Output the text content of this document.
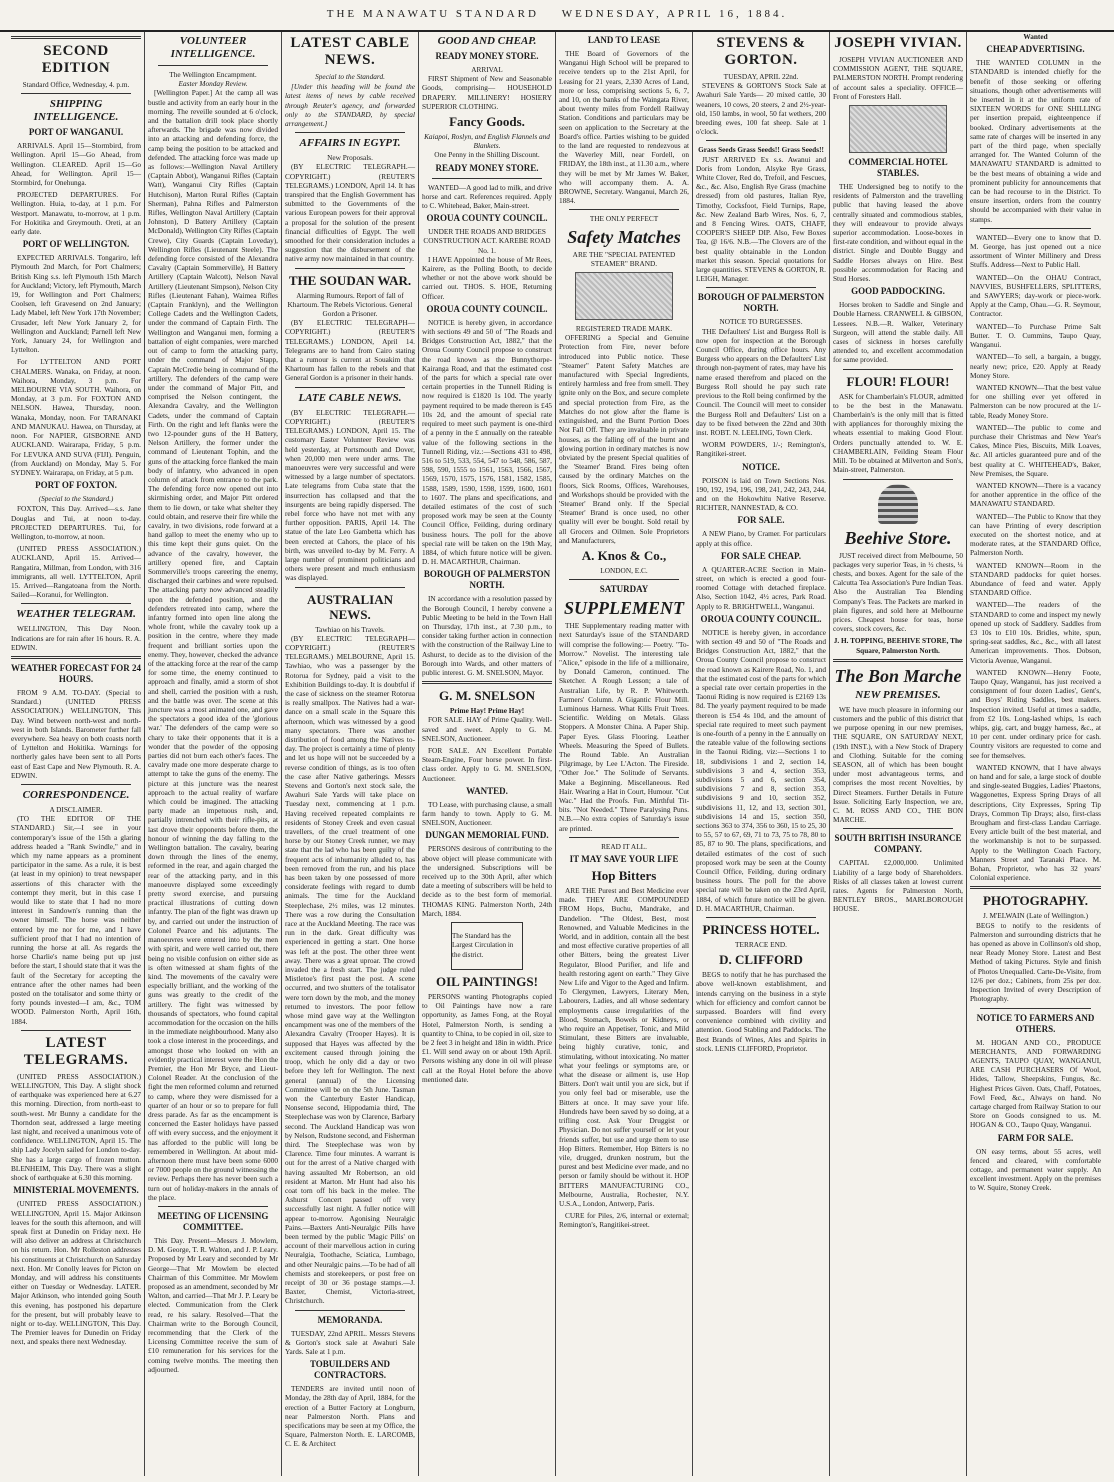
THE MANAWATU STANDARD WEDNESDAY, APRIL 16, 1884.
SECOND EDITION
Standard Office, Wednesday, 4. p.m.
SHIPPING INTELLIGENCE.
PORT OF WANGANUI.

ARRIVALS. April 15—Stormbird, from Wellington. April 15—Go Ahead, from Wellington. CLEARED. April 15—Go Ahead, for Wellington. April 15—Stormbird, for Onehunga.

PROJECTED DEPARTURES. For Wellington. Huia, to-day, at 1 p.m. For Westport. Manawatu, to-morrow, at 1 p.m. For Hokitika and Greymouth. Oreti, at an early date.

PORT OF WELLINGTON.

EXPECTED ARRIVALS. Tongariro, left Plymouth 2nd March, for Port Chalmers; British King s.s. left Plymouth 15th March for Auckland; Victory, left Plymouth, March 19, for Wellington and Port Chalmers; Coolsen, left Gravesend on 2nd January; Lady Mabel, left New York 17th November; Crusader, left New York January 2, for Wellington and Auckland; Parnell left New York, January 24, for Wellington and Lyttelton.

For LYTTELTON AND PORT CHALMERS. Wanaka, on Friday, at noon. Waihora, Monday, 3 p.m. For MELBOURNE VIA SOUTH. Waihora, on Monday, at 3 p.m. For FOXTON AND NELSON. Hawea, Thursday, noon. Wanaka, Monday, noon. For TARANAKI AND MANUKAU. Hawea, on Thursday, at noon. For NAPIER, GISBORNE AND AUCKLAND. Wairarapa, Friday, 5 p.m. For LEVUKA AND SUVA (FIJI). Penguin, (from Auckland) on Monday, May 5. For SYDNEY. Wairarapa, on Friday, at 5 p.m.

PORT OF FOXTON.
(Special to the Standard.)

FOXTON, This Day. Arrived—s.s. Jane Douglas and Tui, at noon to-day. PROJECTED DEPARTURES. Tui, for Wellington, to-morrow, at noon.

(UNITED PRESS ASSOCIATION.) AUCKLAND, April 15. Arrived—Rangatira, Millman, from London, with 316 immigrants, all well. LYTTELTON, April 15. Arrived—Rangatoana from the North. Sailed—Koranui, for Wellington.

WEATHER TELEGRAM.

WELLINGTON, This Day Noon. Indications are for rain after 16 hours. R. A. EDWIN.

WEATHER FORECAST FOR 24 HOURS.

FROM 9 A.M. TO-DAY. (Special to Standard.) (UNITED PRESS ASSOCIATION.) WELLINGTON, This Day. Wind between north-west and north-west in both Islands. Barometer further fall everywhere. Sea heavy on both coasts north of Lyttelton and Hokitika. Warnings for northerly gales have been sent to all Ports east of East Cape and New Plymouth. R. A. EDWIN.

CORRESPONDENCE.
A DISCLAIMER.

(TO THE EDITOR OF THE STANDARD.) Sir,—I see in your contemporary's issue of the 15th a glaring address headed a "Rank Swindle," and in which my name appears as a prominent participator in the same. As a rule, it is best (at least in my opinion) to treat newspaper assertions of this character with the contempt they merit, but in this case I would like to state that I had no more interest in Sandown's running than the owner himself. The horse was neither entered by me nor for me, and I have sufficient proof that I had no intention of running the horse at all. As regards the horse Charlie's name being put up just before the start, I should state that it was the fault of the Secretary for accepting the entrance after the other names had been posted on the totalisator and some thirty or forty pounds invested—I am, &c., TOM WOOD. Palmerston North, April 16th, 1884.

LATEST TELEGRAMS.

(UNITED PRESS ASSOCIATION.) WELLINGTON, This Day. A slight shock of earthquake was experienced here at 6.27 this morning. Direction, from north-east to south-west. Mr Bunny a candidate for the Thorndon seat, addressed a large meeting last night, and received a unanimous vote of confidence. WELLINGTON, April 15. The ship Lady Jocelyn sailed for London to-day. She has a large cargo of frozen mutton. BLENHEIM, This Day. There was a slight shock of earthquake at 6.30 this morning.

MINISTERIAL MOVEMENTS.

(UNITED PRESS ASSOCIATION.) WELLINGTON, April 15. Major Atkinson leaves for the south this afternoon, and will speak first at Dunedin on Friday next. He will also deliver an address at Christchurch on his return. Hon. Mr Rolleston addresses his constituents at Christchurch on Saturday next. Hon. Mr Conolly leaves for Picton on Monday, and will address his constituents either on Tuesday or Wednesday. LATER. Major Atkinson, who intended going South this evening, has postponed his departure for the present, but will probably leave to night or to-day. WELLINGTON, This Day. The Premier leaves for Dunedin on Friday next, and speaks there next Wednesday.

VOLUNTEER INTELLIGENCE.
The Wellington Encampment.
Easter Monday Review.

[Wellington Paper.] At the camp all was bustle and activity from an early hour in the morning. The reveille sounded at 6 o'clock, and the battalion drill took place shortly afterwards. The brigade was now divided into an attacking and defending force, the camp being the position to be attacked and defended. The attacking force was made up as follows:—Wellington Naval Artillery (Captain Abbot), Wanganui Rifles (Captain Watt), Wanganui City Rifles (Captain Hutchison), Marton Rural Rifles (Captain Sherman), Pahna Rifles and Palmerston Rifles, Wellington Naval Artillery (Captain Johnston), D Battery Artillery (Captain McDonald), Wellington City Rifles (Captain Crewe), City Guards (Captain Loveday), Wellington Rifles (Lieutenant Steele). The defending force consisted of the Alexandra Cavalry (Captain Sommerville), H Battery Artillery (Captain Walcott), Nelson Naval Artillery (Lieutenant Simpson), Nelson City Rifles (Lieutenant Fahan), Waimea Rifles (Captain Franklyn), and the Wellington College Cadets and the Wellington Cadets, under the command of Captain Firth. The Wellington and Wanganui men, forming a battalion of eight companies, were marched out of camp to form the attacking party, under the command of Major Stapp, Captain McCredie being in command of the artillery. The defenders of the camp were under the command of Major Pitt, and comprised the Nelson contingent, the Alexandra Cavalry, and the Wellington Cadets, under the command of Captain Firth. On the right and left flanks were the two 12-pounder guns of the H Battery, Nelson Artillery, the former under the command of Lieutenant Tophin, and the guns of the attacking force flanked the main body of infantry, who advanced in open column of attack from entrance to the park. The defending force now opened out into skirmishing order, and Major Pitt ordered them to lie down, or take what shelter they could obtain, and reserve their fire while the cavalry, in two divisions, rode forward at a hand gallop to meet the enemy who up to this time kept their guns quiet. On the advance of the cavalry, however, the artillery opened fire, and Captain Sommerville's troops careering the enemy, discharged their carbines and were repulsed. The attacking party now advanced steadily upon the defended position, and the defenders retreated into camp, where the infantry formed into open line along the whole front, while the cavalry took up a position in the centre, where they made frequent and brilliant sorties upon the enemy. They, however, checked the advance of the attacking force at the rear of the camp for some time, the enemy continued to approach and finally, amid a storm of shot and shell, carried the position with a rush, and the battle was over. The scene at this juncture was a most animated one, and gave the spectators a good idea of the 'glorious war.' The defenders of the camp were so chary to take their opponents that it is a wonder that the powder of the opposing parties did not burn each other's faces. The cavalry made one more desperate charge to attempt to take the guns of the enemy. The picture at this juncture was the nearest approach to the actual reality of warfare which could be imagined. The attacking party made an impetuous rush, and, partially intrenched with their rifle-pits, at last drove their opponents before them, the honour of winning the day falling to the Wellington battalion. The cavalry, bearing down through the lines of the enemy, reformed in the rear, and again charged the rear of the attacking party, and in this manoeuvre displayed some exceedingly pretty sword exercise, and pursuing practical illustrations of cutting down infantry. The plan of the fight was drawn up by, and carried out under the instruction of Colonel Pearce and his adjutants. The manoeuvres were entered into by the men with spirit, and were well carried out, there being no visible confusion on either side as is often witnessed at sham fights of the kind. The movements of the cavalry were especially brilliant, and the working of the guns was greatly to the credit of the artillery. The fight was witnessed by thousands of spectators, who found capital accommodation for the occasion on the hills in the immediate neighbourhood. Many also took a close interest in the proceedings, and amongst those who looked on with an evidently practical interest were the Hon the Premier, the Hon Mr Bryce, and Lieut-Colonel Reader. At the conclusion of the fight the men reformed column and returned to camp, where they were dismissed for a quarter of an hour or so to prepare for full dress parade. As far as the encampment is concerned the Easter holidays have passed off with every success, and the enjoyment it has afforded to the public will long be remembered in Wellington. At about mid-afternoon there must have been some 6000 or 7000 people on the ground witnessing the review. Perhaps there has never been such a turn out of holiday-makers in the annals of the place.

MEETING OF LICENSING COMMITTEE.

This Day. Present—Messrs J. Mowlem, D. M. George, T. R. Walton, and J. P. Leary. Proposed by Mr Leary and seconded by Mr George—That Mr Mowlem be elected Chairman of this Committee. Mr Mowlem proposed as an amendment, seconded by Mr Walton, and carried—That Mr J. P. Leary be elected. Communication from the Clerk read, re his salary. Resolved—That the Chairman write to the Borough Council, recommending that the Clerk of the Licensing Committee receive the sum of £10 remuneration for his services for the coming twelve months. The meeting then adjourned.

LATEST CABLE NEWS.
Special to the Standard.

[Under this heading will be found the latest items of news by cable received through Reuter's agency, and forwarded only to the STANDARD, by special arrangement.]

AFFAIRS IN EGYPT.
New Proposals.

(BY ELECTRIC TELEGRAPH.—COPYRIGHT.) (REUTER'S TELEGRAMS.) LONDON, April 14. It has transpired that the English Government has submitted to the Governments of the various European powers for their approval a proposal for the solution of the present financial difficulties of Egypt. The well smoothed for their consideration includes a suggestion that the disbursement of the native army now maintained in that country.

THE SOUDAN WAR.
Alarming Rumours. Report of fall of Khartoum. The Rebels Victorious. General Gordon a Prisoner.

(BY ELECTRIC TELEGRAPH—COPYRIGHT.) (REUTER'S TELEGRAMS.) LONDON, April 14. Telegrams are to hand from Cairo stating that a rumour is current at Souakim that Khartoum has fallen to the rebels and that General Gordon is a prisoner in their hands.

LATE CABLE NEWS.

(BY ELECTRIC TELEGRAPH.—COPYRIGHT.) (REUTER'S TELEGRAMS.) LONDON, April 15. The customary Easter Volunteer Review was held yesterday, at Portsmouth and Dover, when 20,000 men were under arms. The manoeuvres were very successful and were witnessed by a large number of spectators. Late telegrams from Cuba state that the insurrection has collapsed and that the insurgents are being rapidly dispersed. The rebel force who have not met with any further opposition. PARIS, April 14. The statue of the late Leo Gambetta which has been erected at Cahors, the place of his birth, was unveiled to-day by M. Ferry. A large number of prominent politicians and others were present and much enthusiasm was displayed.

AUSTRALIAN NEWS.
Tawhiao on his Travels.

(BY ELECTRIC TELEGRAPH—COPYRIGHT.) (REUTER'S TELEGRAMS.) MELBOURNE, April 15. Tawhiao, who was a passenger by the Rotorua for Sydney, paid a visit to the Exhibition Buildings to-day. It is doubtful if the case of sickness on the steamer Rotorua is really smallpox. The Natives had a war-dance on a small scale in the Square this afternoon, which was witnessed by a good many spectators. There was another distribution of food among the Natives to-day. The project is certainly a time of plenty and let us hope will not be succeeded by a reverse condition of things, as is too often the case after Native gatherings. Messrs Stevens and Gorton's next stock sale, the Awahuri Sale Yards will take place on Tuesday next, commencing at 1 p.m. Having received repeated complaints re residents of Stoney Creek and even casual travellers, of the cruel treatment of one horse by our Stoney Creek runner, we may state that the lad who has been guilty of the frequent acts of inhumanity alluded to, has been removed from the run, and his place has been taken by one possessed of more considerate feelings with regard to dumb animals. The time for the Auckland Steeplechase, 2½ miles, was 12 minutes. There was a row during the Consultation race at the Auckland Meeting. The race was run in the dark. Great difficulty was experienced in getting a start. One horse was left at the post. The other three went away. There was a great uproar. The crowd invaded the a fresh start. The judge ruled Mistletoe's first past the post. A scene occurred, and two shutters of the totalisator were torn down by the mob, and the money returned to investors. The poor fellow whose mind gave way at the Wellington encampment was one of the members of the Alexandra Cavalry (Trooper Hayes). It is supposed that Hayes was affected by the excitement caused through joining the troop, which he only did a day or two before they left for Wellington. The next general (annual) of the Licensing Committee will be on the 5th June. Tasman won the Canterbury Easter Handicap, Nonsense second, Hippodamia third, The Steeplechase was won by Clarence, Barbary second. The Auckland Handicap was won by Nelson, Rudstone second, and Fisherman third. The Steeplechase was won by Clarence. Time four minutes. A warrant is out for the arrest of a Native charged with having assaulted Mr Robertson, an old resident at Marton. Mr Hunt had also his coat torn off his back in the melee. The Ashurst Concert passed off very successfully last night. A fuller notice will appear to-morrow. Agonising Neuralgic Pains.—Baxters Anti-Neuralgic Pills have been termed by the public 'Magic Pills' on account of their marvellous action in curing Neuralgia, Toothache, Sciatica, Lumbago, and other Neuralgic pains.—To be had of all chemists and storekeepers, or post free on receipt of 30 or 36 postage stamps.—J. Baxter, Chemist, Victoria-street, Christchurch.

MEMORANDA.

TUESDAY, 22nd APRIL. Messrs Stevens & Gorton's stock sale at Awahuri Sale Yards. Sale at 1 p.m.

TOBUILDERS AND CONTRACTORS.

TENDERS are invited until noon of Monday, the 28th day of April, 1884, for the erection of a Butter Factory at Longburn, near Palmerston North. Plans and specifications may be seen at my Office, the Square, Palmerston North. E. LARCOMB, C. E. & Architect

GOOD AND CHEAP.
READY MONEY STORE.
ARRIVAL

FIRST Shipment of New and Seasonable Goods, comprising— HOUSEHOLD DRAPERY. MILLINERY! HOSIERY SUPERIOR CLOTHING.

Fancy Goods.
Kaiapoi, Roslyn, and English Flannels and Blankets.
One Penny in the Shilling Discount.
READY MONEY STORE.

WANTED—A good lad to milk, and drive horse and cart. References required. Apply to C. Whitehead, Baker, Main-street.

OROUA COUNTY COUNCIL.
UNDER THE ROADS AND BRIDGES CONSTRUCTION ACT. KAREBE ROAD No. 1.

I HAVE Appointed the house of Mr Rees, Kairere, as the Polling Booth, to decide whether or not the above work should be carried out. THOS. S. HOE, Returning Officer.

OROUA COUNTY COUNCIL.

NOTICE is hereby given, in accordance with sections 49 and 50 of "The Roads and Bridges Construction Act, 1882," that the Oroua County Council propose to construct the road known as the Bunnythorpe-Kairanga Road, and that the estimated cost of the parts for which a special rate over certain properties in the Tunnell Riding is now required is £1820 1s 10d. The yearly payment required to be made thereon is £45 10s 2d, and the amount of special rate required to meet such payment is one-third of a penny in the £ annually on the rateable value of the following sections in the Tunnell Riding, viz.:—Sections 431 to 498, 516 to 519, 533, 554, 547 to 548, 586, 587, 598, 590, 1555 to 1561, 1563, 1566, 1567, 1569, 1570, 1575, 1576, 1581, 1582, 1585, 1588, 1589, 1590, 1598, 1599, 1600, 1601 to 1607. The plans and specifications, and detailed estimates of the cost of such proposed work may be seen at the County Council Office, Feilding, during ordinary business hours. The poll for the above special rate will be taken on the 19th May, 1884, of which future notice will be given. D. H. MACARTHUR, Chairman.

BOROUGH OF PALMERSTON NORTH.

IN accordance with a resolution passed by the Borough Council, I hereby convene a Public Meeting to be held in the Town Hall on Thursday, 17th inst., at 7.30 p.m., to consider taking further action in connection with the construction of the Railway Line to Ashurst, to decide as to the division of the Borough into Wards, and other matters of public interest. G. M. SNELSON, Mayor.

G. M. SNELSON
Prime Hay! Prime Hay!

FOR SALE. HAY of Prime Quality. Well-saved and sweet. Apply to G. M. SNELSON, Auctioneer.

FOR SALE. AN Excellent Portable Steam-Engine, Four horse power. In first-class order. Apply to G. M. SNELSON, Auctioneer.

WANTED.

TO Lease, with purchasing clause, a small farm handy to town. Apply to G. M. SNELSON, Auctioneer.

DUNGAN MEMORIAL FUND.

PERSONS desirous of contributing to the above object will please communicate with the undersigned. Subscriptions will be received up to the 30th April, after which date a meeting of subscribers will be held to decide as to the best form of memorial. THOMAS KING. Palmerston North, 24th March, 1884.

The Standard has the Largest Circulation in the district.
OIL PAINTINGS!

PERSONS wanting Photographs copied to Oil Paintings have now a rare opportunity, as James Fong, at the Royal Hotel, Palmerston North, is sending a quantity to China, to be copied in oil, size to be 2 feet 3 in height and 18in in width. Price £1. Will send away on or about 19th April. Persons wishing any done in oil will please call at the Royal Hotel before the above mentioned date.

LAND TO LEASE

THE Board of Governors of the Wanganui High School will be prepared to receive tenders up to the 21st April, for Leasing for 21 years, 2,330 Acres of Land, more or less, comprising sections 5, 6, 7, and 10, on the banks of the Waingata River, about twenty miles from Fordell Railway Station. Conditions and particulars may be seen on application to the Secretary at the Board's office. Parties wishing to be guided to the land are requested to rendezvous at the Waverley Mill, near Fordell, on FRIDAY, the 18th inst., at 11.30 a.m., where they will be met by Mr James W. Baker, who will accompany them. A. A. BROWNE, Secretary. Wanganui, March 26, 1884.

THE ONLY PERFECT
Safety Matches
ARE THE "SPECIAL PATENTED STEAMER" BRAND.
REGISTERED TRADE MARK.

OFFERING a Special and Genuine Protection from Fire, never before introduced into Public notice. These "Steamer" Patent Safety Matches are manufactured with Special Ingredients, entirely harmless and free from smell. They ignite only on the Box, and secure complete and special protection from Fire, as the Matches do not glow after the flame is extinguished, and the Burnt Portion Does Not Fall Off. They are invaluable in private houses, as the falling off of the burnt and glowing portion in ordinary matches is now obviated by the present Special qualities of the 'Steamer' Brand. Fires being often caused by the ordinary Matches on the floors, Sick Rooms, Offices, Warehouses, and Workshops should be provided with the 'Steamer' Brand only. If the Special 'Steamer' Brand is once used, no other quality will ever be bought. Sold retail by all Grocers and Oilmen. Sole Proprietors and Manufacturers,

A. Knos & Co.,
LONDON, E.C.
SATURDAY
SUPPLEMENT

THE Supplementary reading matter with next Saturday's issue of the STANDARD will comprise the following:— Poetry. "To-Morrow." Novelist. The interesting tale "Alice," episode in the life of a millionaire, by Donald Cameron, continued. The Sketcher. A Rough Lesson; a tale of Australian Life, by R. P. Whitworth. Farmers' Column. A Gigantic Flour Mill. Luminous Harness. What Kills Fruit Trees. Scientific. Welding on Metals. Glass Stoppers. A Monster China. A Paper Ship. Paper Eyes. Glass Flooring. Leather Wheels. Measuring the Speed of Bullets. The Round Table. An Australian Pilgrimage, by Lee L'Acton. The Fireside. "Other Joe." The Solitude of Servants. Make a Beginning. Miscellaneous. Red Hair. Wearing a Hat in Court, Humour. "Cut Wac." Had the Proofs. Fun. Mirthful Tit-bits. "Not Needed." Three Paralysing Puns. N.B.—No extra copies of Saturday's issue are printed.

READ IT ALL.
IT MAY SAVE YOUR LIFE
Hop Bitters

ARE THE Purest and Best Medicine ever made. THEY ARE COMPOUNDED FROM Hops, Buchu, Mandrake, and Dandelion. "The Oldest, Best, most Renowned, and Valuable Medicines in the World, and in addition, contain all the best and most effective curative properties of all other Bitters, being the greatest Liver Regulator, Blood Purifier, and life and health restoring agent on earth." They Give New Life and Vigor to the Aged and Infirm. To Clergymen, Lawyers, Literary Men, Labourers, Ladies, and all whose sedentary employments cause irregularities of the Blood, Stomach, Bowels or Kidneys, or who require an Appetiser, Tonic, and Mild Stimulant, these Bitters are invaluable, being highly curative, tonic, and stimulating, without intoxicating. No matter what your feelings or symptoms are, or what the disease or ailment is, use Hop Bitters. Don't wait until you are sick, but if you only feel bad or miserable, use the Bitters at once. It may save your life. Hundreds have been saved by so doing, at a trifling cost. Ask Your Druggist or Physician. Do not suffer yourself or let your friends suffer, but use and urge them to use Hop Bitters. Remember, Hop Bitters is no vile, drugged, drunken nostrum, but the purest and best Medicine ever made, and no person or family should be without it. HOP BITTERS MANUFACTURING CO., Melbourne, Australia, Rochester, N.Y. U.S.A., London, Antwerp, Paris.

CURE for Piles, 2/6, internal or external; Remington's, Rangitikei-street.

STEVENS & GORTON.
TUESDAY, APRIL 22nd.

STEVENS & GORTON'S Stock Sale at Awahuri Sale Yards— 20 mixed cattle, 30 weaners, 10 cows, 20 steers, 2 and 2½-year-old, 150 lambs, in wool, 50 fat wethers, 200 breeding ewes, 100 fat sheep. Sale at 1 o'clock.

Grass Seeds Grass Seeds!! Grass Seeds!!

JUST ARRIVED Ex s.s. Awanui and Doris from London, Alsyke Rye Grass, White Clover, Red do, Trefoil, and Fescues, &c., &c. Also, English Rye Grass (machine dressed) from old pastures, Italian Rye, Timothy, Cocksfoot, Field Turnips, Rape, &c. New Zealand Barb Wires, Nos. 6, 7, and 8 Fencing Wires. OATS, CHAFF, COOPER'S SHEEP DIP. Also, Few Boxes Tea, @ 16/6. N.B.—The Clovers are of the best quality obtainable in the London market this season. Special quotations for large quantities. STEVENS & GORTON, R. LEIGH, Manager.

BOROUGH OF PALMERSTON NORTH.
NOTICE TO BURGESSES.

THE Defaulters' List and Burgess Roll is now open for inspection at the Borough Council Office, during office hours. Any Burgess who appears on the Defaulters' List through non-payment of rates, may have his name erased therefrom and placed on the Burgess Roll should he pay such rate previous to the Roll being confirmed by the Council. The Council will meet to consider the Burgess Roll and Defaulters' List on a day to be fixed between the 22nd and 30th inst. ROBT. N. LEELING, Town Clerk.

WORM POWDERS, 1/-; Remington's, Rangitikei-street.

NOTICE.

POISON is laid on Town Sections Nos. 190, 192, 194, 196, 198, 241, 242, 243, 244, and on the Hokowhitu Native Reserve. RICHTER, NANNESTAD, & CO.

FOR SALE.

A NEW Piano, by Cramer. For particulars apply at this office.

FOR SALE CHEAP.

A QUARTER-ACRE Section in Main-street, on which is erected a good four-roomed Cottage with detached fireplace. Also, Section 1042, 4½ acres, Park Road. Apply to R. BRIGHTWELL, Wanganui.

OROUA COUNTY COUNCIL.

NOTICE is hereby given, in accordance with section 49 and 50 of "The Roads and Bridges Construction Act, 1882," that the Oroua County Council propose to construct the road known as Kairere Road, No. 1, and that the estimated cost of the parts for which a special rate over certain properties in the Taonui Riding is now required is £2169 13s 8d. The yearly payment required to be made thereon is £54 4s 10d, and the amount of special rate required to meet such payment is one-fourth of a penny in the £ annually on the rateable value of the following sections in the Taonui Riding, viz:—Sections 1 to 18, subdivisions 1 and 2, section 14, subdivisions 3 and 4, section 353, subdivisions 5 and 6, section 354, subdivisions 7 and 8, section 353, subdivisions 9 and 10, section 352, subdivisions 11, 12, and 13, section 301, subdivisions 14 and 15, section 350, sections 363 to 374, 356 to 360, 15 to 25, 30 to 55, 57 to 67, 69, 71 to 73, 75 to 78, 80 to 85, 87 to 90. The plans, specifications, and detailed estimates of the cost of such proposed work may be seen at the County Council Office, Feilding, during ordinary business hours. The poll for the above special rate will be taken on the 23rd April, 1884, of which future notice will be given. D. H. MACARTHUR, Chairman.

PRINCESS HOTEL.
TERRACE END.
D. CLIFFORD

BEGS to notify that he has purchased the above well-known establishment, and intends carrying on the business in a style which for efficiency and comfort cannot be surpassed. Boarders will find every convenience combined with civility and attention. Good Stabling and Paddocks. The Best Brands of Wines, Ales and Spirits in stock. LENIS CLIFFORD, Proprietor.

JOSEPH VIVIAN.

JOSEPH VIVIAN AUCTIONEER AND COMMISSION AGENT, THE SQUARE, PALMERSTON NORTH. Prompt rendering of account sales a speciality. OFFICE—Front of Foresters Hall.

COMMERCIAL HOTEL STABLES.

THE Undersigned beg to notify to the residents of Palmerston and the travelling public that having leased the above centrally situated and commodious stables, they will endeavour to provide always superior accommodation. Loose-boxes in first-rate condition, and without equal in the district. Single and Double Buggy and Saddle Horses always on Hire. Best possible accommodation for Racing and Stud Horses.

GOOD PADDOCKING.

Horses broken to Saddle and Single and Double Harness. CRANWELL & GIBSON, Lessees. N.B.—R. Walker, Veterinary Surgeon, will attend the stable daily. All cases of sickness in horses carefully attended to, and excellent accommodation for same provided.

FLOUR! FLOUR!

ASK for Chamberlain's FLOUR, admitted to be the best in the Manawatu. Chamberlain's is the only mill that is fitted with appliances for thoroughly mixing the wheats essential to making Good Flour. Orders punctually attended to. W. E. CHAMBERLAIN, Feilding Steam Flour Mill. To be obtained at Milverton and Son's, Main-street, Palmerston.

Beehive Store.

JUST received direct from Melbourne, 50 packages very superior Teas, in ½ chests, ¼ chests, and boxes. Agent for the sale of the Calcutta Tea Association's Pure Indian Teas. Also the Australian Tea Blending Company's Teas. The Packets are marked in plain figures, and sold here at Melbourne prices. Cheapest house for teas, horse covers, stock covers, &c.

J. H. TOPPING, BEEHIVE STORE, The Square, Palmerston North.
The Bon Marche
NEW PREMISES.

WE have much pleasure in informing our customers and the public of this district that we purpose opening in our new premises, THE SQUARE, ON SATURDAY NEXT, (19th INST.), with a New Stock of Drapery and Clothing. Suitable for the coming SEASON, all of which has been bought under most advantageous terms, and comprises the most recent Novelties, by Direct Steamers. Further Details in Future Issue. Soliciting Early Inspection, we are, C. M. ROSS AND CO., THE BON MARCHE.

SOUTH BRITISH INSURANCE COMPANY.

CAPITAL £2,000,000. Unlimited Liability of a large body of Shareholders. Risks of all classes taken at lowest current rates. Agents for Palmerston North, BENTLEY BROS., MARLBOROUGH HOUSE.

Wanted
CHEAP ADVERTISING.

THE WANTED COLUMN in the STANDARD is intended chiefly for the benefit of those seeking or offering situations, though other advertisements will be inserted in it at the uniform rate of SIXTEEN WORDS for ONE SHILLING per insertion prepaid, eighteenpence if booked. Ordinary advertisements at the same rate of charges will be inserted in any part of the third page, when specially arranged for. The Wanted Column of the MANAWATU STANDARD is admitted to be the best means of obtaining a wide and prominent publicity for announcements that can be had recourse to in the District. To ensure insertion, orders from the country should be accompanied with their value in stamps.

WANTED—Every one to know that D. M. George, has just opened out a nice assortment of Winter Millinery and Dress Stuffs. Address—Next to Public Hall.

WANTED—On the OHAU Contract, NAVVIES, BUSHFELLERS, SPLITTERS, and SAWYERS; day-work or piece-work. Apply at the Camp, Ohau.—G. R. Seymour, Contractor.

WANTED—To Purchase Prime Salt Butter. T. O. Cummins, Taupo Quay, Wanganui.

WANTED—To sell, a bargain, a buggy, nearly new; price, £20. Apply at Ready Money Store.

WANTED KNOWN—That the best value for one shilling ever yet offered in Palmerston can be now procured at the 1/- table, Ready Money Store.

WANTED—The public to come and purchase their Christmas and New Year's Cakes, Mince Pies, Biscuits, Milk Loaves, &c. All articles guaranteed pure and of the best quality at C. WHITEHEAD's, Baker, New Premises, the Square.

WANTED KNOWN—There is a vacancy for another apprentice in the office of the MANAWATU STANDARD.

WANTED—The Public to Know that they can have Printing of every description executed on the shortest notice, and at moderate rates, at the STANDARD Office, Palmerston North.

WANTED KNOWN—Room in the STANDARD paddocks for quiet horses. Abundance of feed and water. Apply STANDARD Office.

WANTED—The readers of the STANDARD to come and inspect my newly opened up stock of Saddlery. Saddles from £3 10s to £10 10s. Bridles, white, spun, spring-seat saddles, &c., &c., with all latest American improvements. Thos. Dobson, Victoria Avenue, Wanganui.

WANTED KNOWN—Henry Foote, Taupo Quay, Wanganui, has just received a consignment of four dozen Ladies', Gent's, and Boys' Riding Saddles, best makers. Inspection invited. Useful at times a saddle, from £2 10s. Long-lashed whips, 1s each whips, gig, cart, and buggy harness, &c., at 10 per cent. under ordinary price for cash. Country visitors are requested to come and see for themselves.

WANTED KNOWN, that I have always on hand and for sale, a large stock of double and single-seated Buggies, Ladies' Phaetons, Waggonettes, Express Spring Drays of all descriptions, City Expresses, Spring Tip Drays, Common Tip Drays; also, first-class Brougham and first-class Landau Carriage. Every article built of the best material, and the workmanship is not to be surpassed. Apply to the Wellington Coach Factory, Manners Street and Taranaki Place. M. Bohan, Proprietor, who has 32 years' Colonial experience.

PHOTOGRAPHY.
J. M'ELWAIN (Late of Wellington.)

BEGS to notify to the residents of Palmerston and surrounding districts that he has opened as above in Collinson's old shop, near Ready Money Store. Latest and Best Method of taking Pictures. Style and finish of Photos Unequalled. Carte-De-Visite, from 12/6 per doz.; Cabinets, from 25s per doz. Inspection Invited of every Description of Photography.

NOTICE TO FARMERS AND OTHERS.

M. HOGAN AND CO., PRODUCE MERCHANTS, AND FORWARDING AGENTS, TAUPO QUAY, WANGANUI, ARE CASH PURCHASERS Of Wool, Hides, Tallow, Sheepskins, Fungus, &c. Highest Prices Given. Oats, Chaff, Potatoes, Fowl Feed, &c., Always on hand. No cartage charged from Railway Station to our Store on Goods consigned to us. M. HOGAN & CO., Taupo Quay, Wanganui.

FARM FOR SALE.

ON easy terms, about 55 acres, well fenced and cleared, with comfortable cottage, and permanent water supply. An excellent investment. Apply on the premises to W. Squire, Stoney Creek.
